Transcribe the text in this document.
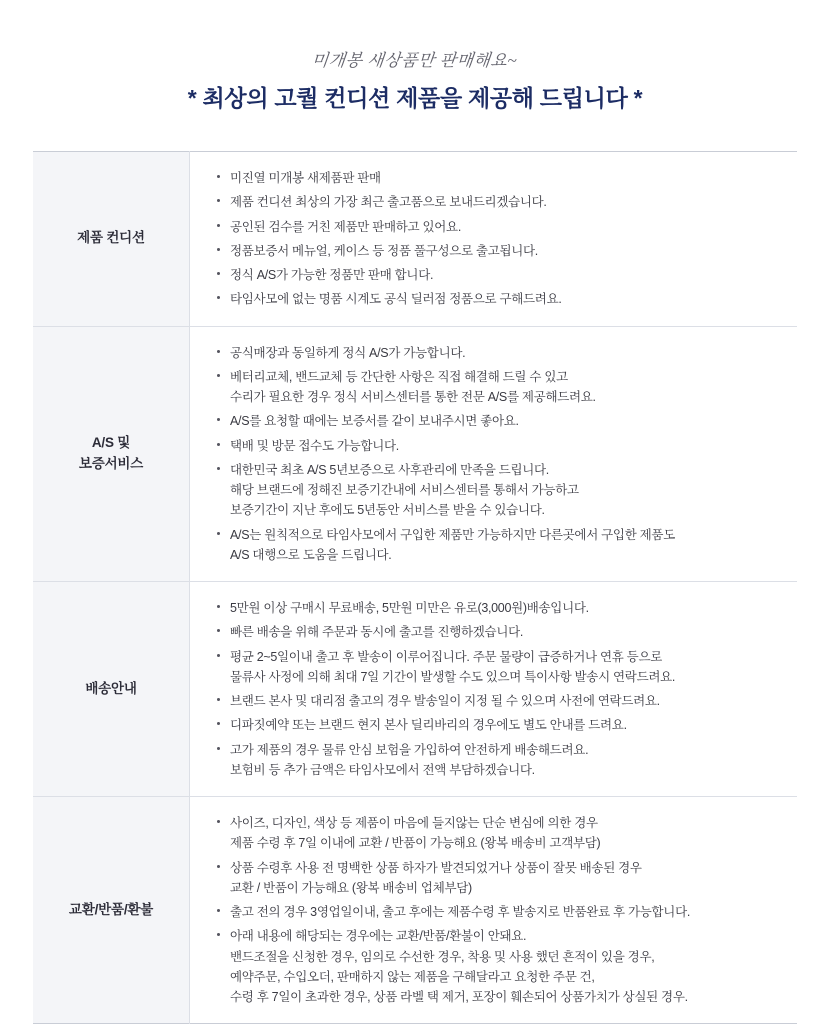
미개봉 새상품만 판매해요~
* 최상의 고퀄 컨디션 제품을 제공해 드립니다 *
제품 컨디션

미진열 미개봉 새제품판 판매
제품 컨디션 최상의 가장 최근 출고품으로 보내드리겠습니다.
공인된 검수를 거친 제품만 판매하고 있어요.
정품보증서 메뉴얼, 케이스 등 정품 풀구성으로 출고됩니다.
정식 A/S가 가능한 정품만 판매 합니다.
타임사모에 없는 명품 시계도 공식 딜러점 정품으로 구해드려요.

A/S 및
보증서비스

공식매장과 동일하게 정식 A/S가 가능합니다.
베터리교체, 밴드교체 등 간단한 사항은 직접 해결해 드릴 수 있고
수리가 필요한 경우 정식 서비스센터를 통한 전문 A/S를 제공해드려요.
A/S를 요청할 때에는 보증서를 같이 보내주시면 좋아요.
택배 및 방문 접수도 가능합니다.
대한민국 최초 A/S 5년보증으로 사후관리에 만족을 드립니다.
해당 브랜드에 정해진 보증기간내에 서비스센터를 통해서 가능하고
보증기간이 지난 후에도 5년동안 서비스를 받을 수 있습니다.
A/S는 원칙적으로 타임사모에서 구입한 제품만 가능하지만 다른곳에서 구입한 제품도
A/S 대행으로 도움을 드립니다.

배송안내

5만원 이상 구매시 무료배송, 5만원 미만은 유로(3,000원)배송입니다.
빠른 배송을 위해 주문과 동시에 출고를 진행하겠습니다.
평균 2~5일이내 출고 후 발송이 이루어집니다. 주문 물량이 급증하거나 연휴 등으로
물류사 사정에 의해 최대 7일 기간이 발생할 수도 있으며 특이사항 발송시 연락드려요.
브랜드 본사 및 대리점 출고의 경우 발송일이 지정 될 수 있으며 사전에 연락드려요.
디파짓예약 또는 브랜드 현지 본사 딜리바리의 경우에도 별도 안내를 드려요.
고가 제품의 경우 물류 안심 보험을 가입하여 안전하게 배송해드려요.
보험비 등 추가 금액은 타임사모에서 전액 부담하겠습니다.

교환/반품/환불

사이즈, 디자인, 색상 등 제품이 마음에 들지않는 단순 변심에 의한 경우
제품 수령 후 7일 이내에 교환 / 반품이 가능해요 (왕복 배송비 고객부담)
상품 수령후 사용 전 명백한 상품 하자가 발견되었거나 상품이 잘못 배송된 경우
교환 / 반품이 가능해요 (왕복 배송비 업체부담)
출고 전의 경우 3영업일이내, 출고 후에는 제품수령 후 발송지로 반품완료 후 가능합니다.
아래 내용에 해당되는 경우에는 교환/반품/환불이 안돼요.
밴드조절을 신청한 경우, 임의로 수선한 경우, 착용 및 사용 했던 흔적이 있을 경우,
예약주문, 수입오더, 판매하지 않는 제품을 구해달라고 요청한 주문 건,
수령 후 7일이 초과한 경우, 상품 라벨 택 제거, 포장이 훼손되어 상품가치가 상실된 경우.
